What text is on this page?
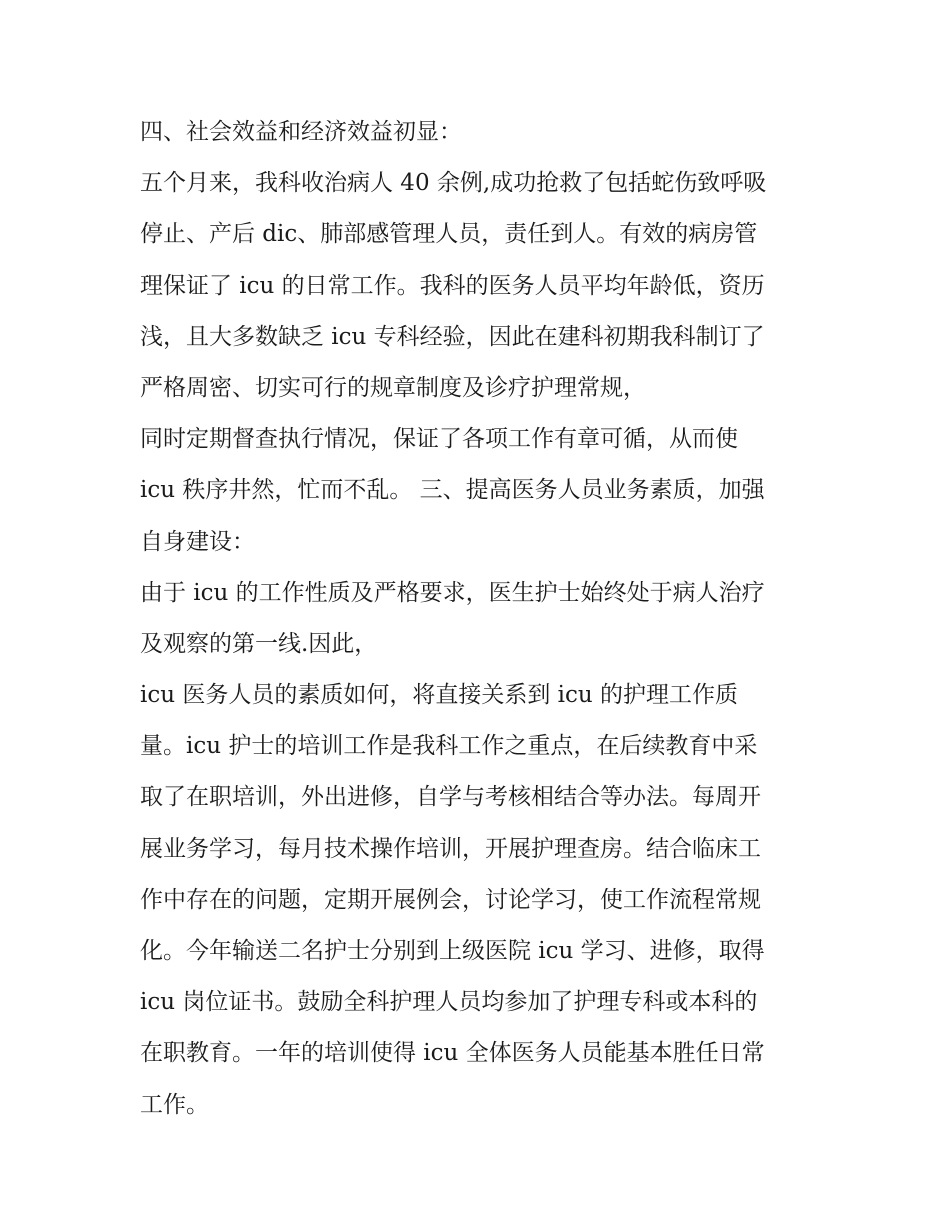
四、社会效益和经济效益初显：
五个月来，我科收治病人 40 余例,成功抢救了包括蛇伤致呼吸
停止、产后 dic、肺部感管理人员，责任到人。有效的病房管
理保证了 icu 的日常工作。我科的医务人员平均年龄低，资历
浅，且大多数缺乏 icu 专科经验，因此在建科初期我科制订了
严格周密、切实可行的规章制度及诊疗护理常规，
同时定期督查执行情况，保证了各项工作有章可循，从而使
icu 秩序井然，忙而不乱。 三、提高医务人员业务素质，加强
自身建设：
由于 icu 的工作性质及严格要求，医生护士始终处于病人治疗
及观察的第一线.因此，
icu 医务人员的素质如何，将直接关系到 icu 的护理工作质
量。icu 护士的培训工作是我科工作之重点，在后续教育中采
取了在职培训，外出进修，自学与考核相结合等办法。每周开
展业务学习，每月技术操作培训，开展护理查房。结合临床工
作中存在的问题，定期开展例会，讨论学习，使工作流程常规
化。今年输送二名护士分别到上级医院 icu 学习、进修，取得
icu 岗位证书。鼓励全科护理人员均参加了护理专科或本科的
在职教育。一年的培训使得 icu 全体医务人员能基本胜任日常
工作。
